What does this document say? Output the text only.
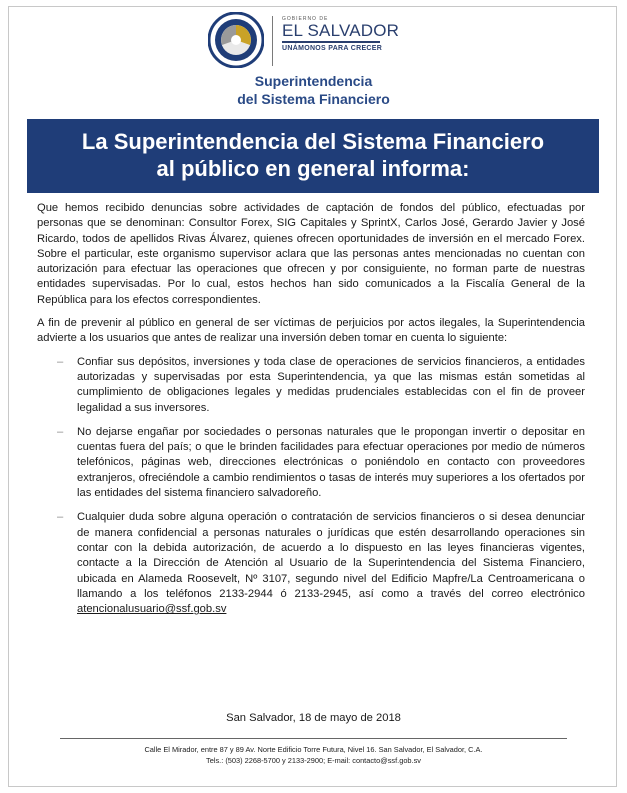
GOBIERNO DE
EL SALVADOR
UNÁMONOS PARA CRECER
Superintendencia
del Sistema Financiero
La Superintendencia del Sistema Financiero
al público en general informa:

Que hemos recibido denuncias sobre actividades de captación de fondos del público, efectuadas por personas que se denominan: Consultor Forex, SIG Capitales y SprintX, Carlos José, Gerardo Javier y José Ricardo, todos de apellidos Rivas Álvarez, quienes ofrecen oportunidades de inversión en el mercado Forex. Sobre el particular, este organismo supervisor aclara que las personas antes mencionadas no cuentan con autorización para efectuar las operaciones que ofrecen y por consiguiente, no forman parte de nuestras entidades supervisadas. Por lo cual, estos hechos han sido comunicados a la Fiscalía General de la República para los efectos correspondientes.

A fin de prevenir al público en general de ser víctimas de perjuicios por actos ilegales, la Superintendencia advierte a los usuarios que antes de realizar una inversión deben tomar en cuenta lo siguiente:

– Confiar sus depósitos, inversiones y toda clase de operaciones de servicios financieros, a entidades autorizadas y supervisadas por esta Superintendencia, ya que las mismas están sometidas al cumplimiento de obligaciones legales y medidas prudenciales establecidas con el fin de proveer legalidad a sus inversores.
– No dejarse engañar por sociedades o personas naturales que le propongan invertir o depositar en cuentas fuera del país; o que le brinden facilidades para efectuar operaciones por medio de números telefónicos, páginas web, direcciones electrónicas o poniéndolo en contacto con proveedores extranjeros, ofreciéndole a cambio rendimientos o tasas de interés muy superiores a los ofertados por las entidades del sistema financiero salvadoreño.
– Cualquier duda sobre alguna operación o contratación de servicios financieros o si desea denunciar de manera confidencial a personas naturales o jurídicas que estén desarrollando operaciones sin contar con la debida autorización, de acuerdo a lo dispuesto en las leyes financieras vigentes, contacte a la Dirección de Atención al Usuario de la Superintendencia del Sistema Financiero, ubicada en Alameda Roosevelt, Nº 3107, segundo nivel del Edificio Mapfre/La Centroamericana o llamando a los teléfonos 2133-2944 ó 2133-2945, así como a través del correo electrónico atencionalusuario@ssf.gob.sv
San Salvador, 18 de mayo de 2018
Calle El Mirador, entre 87 y 89 Av. Norte Edificio Torre Futura, Nivel 16. San Salvador, El Salvador, C.A.
Tels.: (503) 2268-5700 y 2133-2900; E-mail: contacto@ssf.gob.sv
